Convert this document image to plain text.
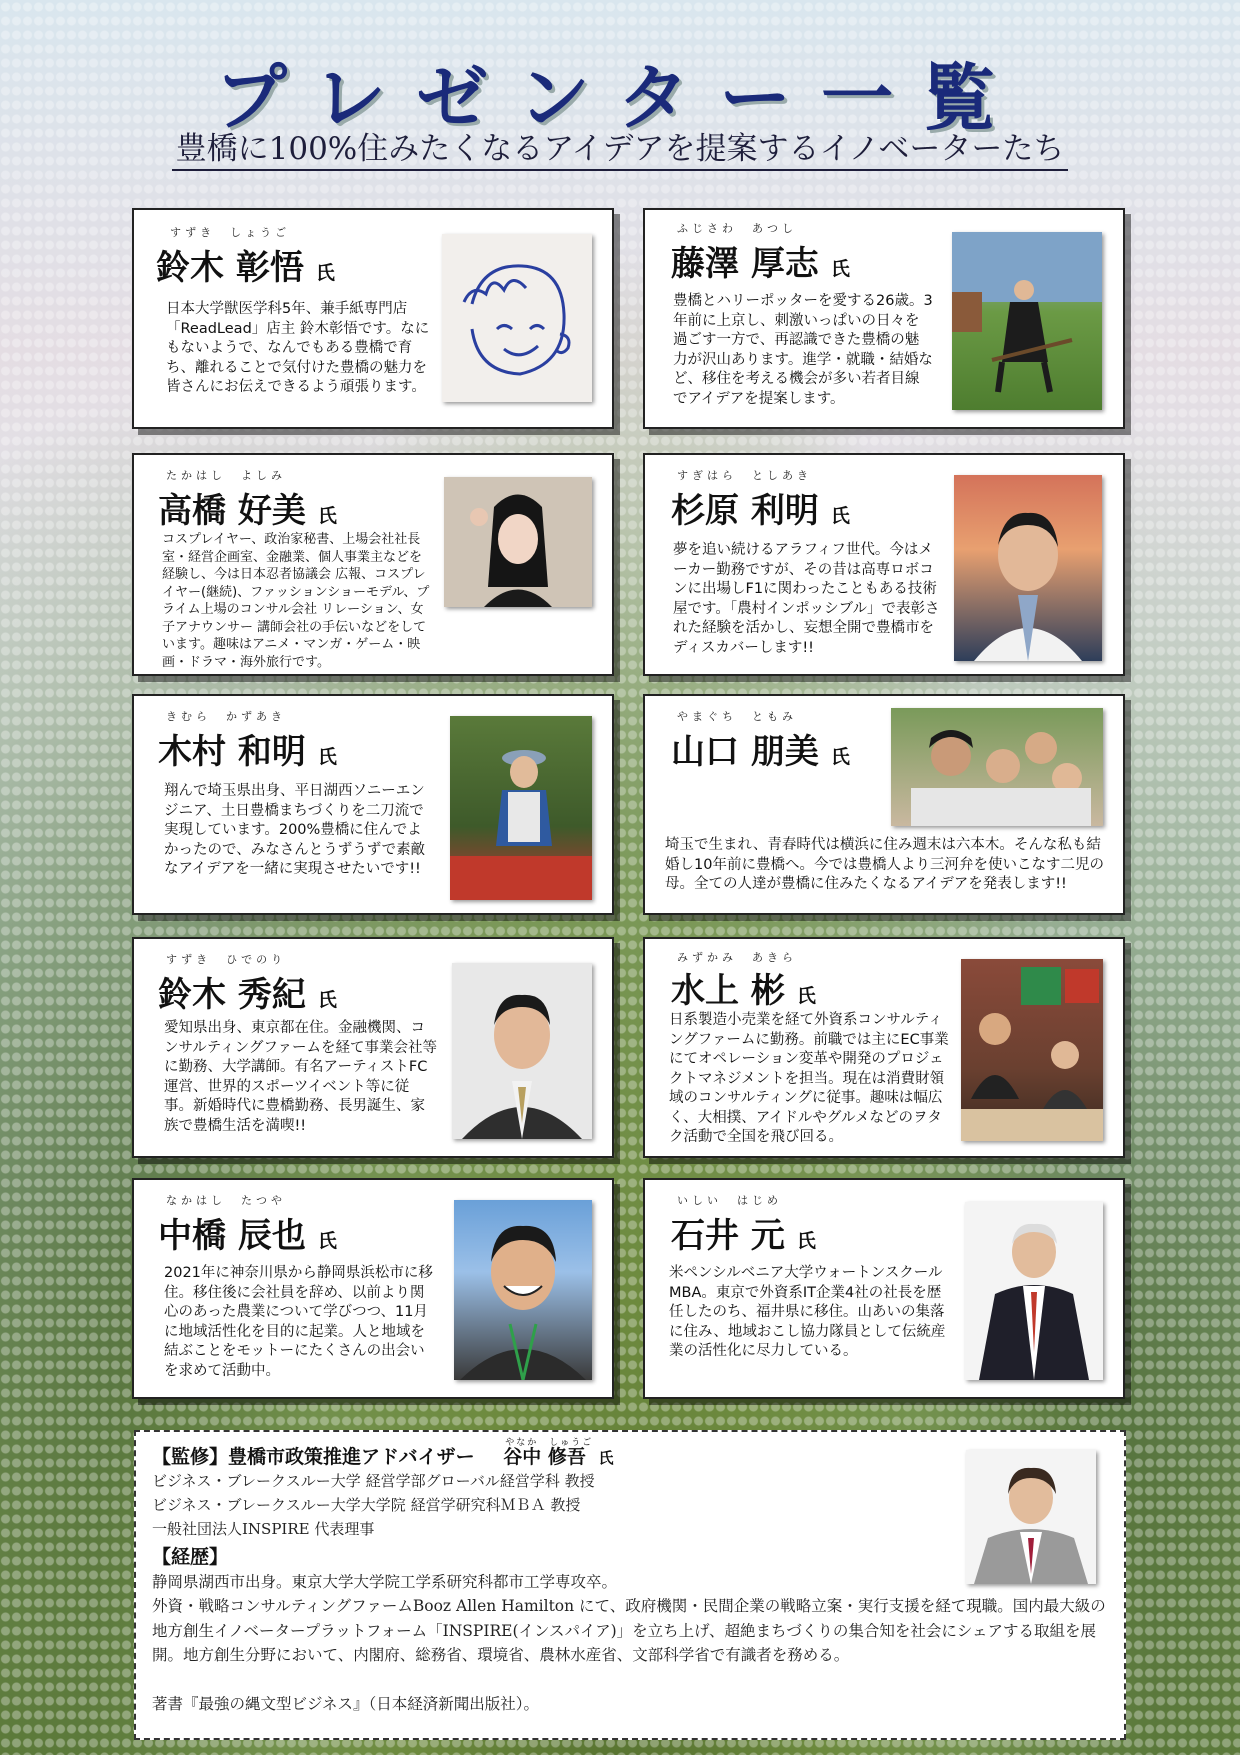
プレゼンター一覧
豊橋に100%住みたくなるアイデアを提案するイノベーターたち
すずき　しょうご
鈴木 彰悟 氏
日本大学獣医学科5年、兼手紙専門店「ReadLead」店主 鈴木彰悟です。なにもないようで、なんでもある豊橋で育ち、離れることで気付けた豊橋の魅力を皆さんにお伝えできるよう頑張ります。
ふじさわ　あつし
藤澤 厚志 氏
豊橋とハリーポッターを愛する26歳。3年前に上京し、刺激いっぱいの日々を過ごす一方で、再認識できた豊橋の魅力が沢山あります。進学・就職・結婚など、移住を考える機会が多い若者目線でアイデアを提案します。
たかはし　よしみ
高橋 好美 氏
コスプレイヤー、政治家秘書、上場会社社長室・経営企画室、金融業、個人事業主などを経験し、今は日本忍者協議会 広報、コスプレイヤー(継続)、ファッションショーモデル、プライム上場のコンサル会社 リレーション、女子アナウンサー 講師会社の手伝いなどをしています。趣味はアニメ・マンガ・ゲーム・映画・ドラマ・海外旅行です。
すぎはら　としあき
杉原 利明 氏
夢を追い続けるアラフィフ世代。今はメーカー勤務ですが、その昔は高専ロボコンに出場しF1に関わったこともある技術屋です。「農村インポッシブル」で表彰された経験を活かし、妄想全開で豊橋市をディスカバーします!!
きむら　かずあき
木村 和明 氏
翔んで埼玉県出身、平日湖西ソニーエンジニア、土日豊橋まちづくりを二刀流で実現しています。200%豊橋に住んでよかったので、みなさんとうずうずで素敵なアイデアを一緒に実現させたいです!!
やまぐち　ともみ
山口 朋美 氏
埼玉で生まれ、青春時代は横浜に住み週末は六本木。そんな私も結婚し10年前に豊橋へ。今では豊橋人より三河弁を使いこなす二児の母。全ての人達が豊橋に住みたくなるアイデアを発表します!!
すずき　ひでのり
鈴木 秀紀 氏
愛知県出身、東京都在住。金融機関、コンサルティングファームを経て事業会社等に勤務、大学講師。有名アーティストFC運営、世界的スポーツイベント等に従事。新婚時代に豊橋勤務、長男誕生、家族で豊橋生活を満喫!!
みずかみ　あきら
水上 彬 氏
日系製造小売業を経て外資系コンサルティングファームに勤務。前職では主にEC事業にてオペレーション変革や開発のプロジェクトマネジメントを担当。現在は消費財領域のコンサルティングに従事。趣味は幅広く、大相撲、アイドルやグルメなどのヲタク活動で全国を飛び回る。
なかはし　たつや
中橋 辰也 氏
2021年に神奈川県から静岡県浜松市に移住。移住後に会社員を辞め、以前より関心のあった農業について学びつつ、11月に地域活性化を目的に起業。人と地域を結ぶことをモットーにたくさんの出会いを求めて活動中。
いしい　はじめ
石井 元 氏
米ペンシルベニア大学ウォートンスクールMBA。東京で外資系IT企業4社の社長を歴任したのち、福井県に移住。山あいの集落に住み、地域おこし協力隊員として伝統産業の活性化に尽力している。
【監修】豊橋市政策推進アドバイザー
やなか　しゅうご
谷中 修吾 氏
ビジネス・ブレークスルー大学 経営学部グローバル経営学科 教授
ビジネス・ブレークスルー大学大学院 経営学研究科ＭＢＡ 教授
一般社団法人INSPIRE 代表理事
【経歴】
静岡県湖西市出身。東京大学大学院工学系研究科都市工学専攻卒。
外資・戦略コンサルティングファームBooz Allen Hamilton にて、政府機関・民間企業の戦略立案・実行支援を経て現職。国内最大級の地方創生イノベータープラットフォーム「INSPIRE(インスパイア)」を立ち上げ、超絶まちづくりの集合知を社会にシェアする取組を展開。地方創生分野において、内閣府、総務省、環境省、農林水産省、文部科学省で有識者を務める。
著書『最強の縄文型ビジネス』（日本経済新聞出版社）。
